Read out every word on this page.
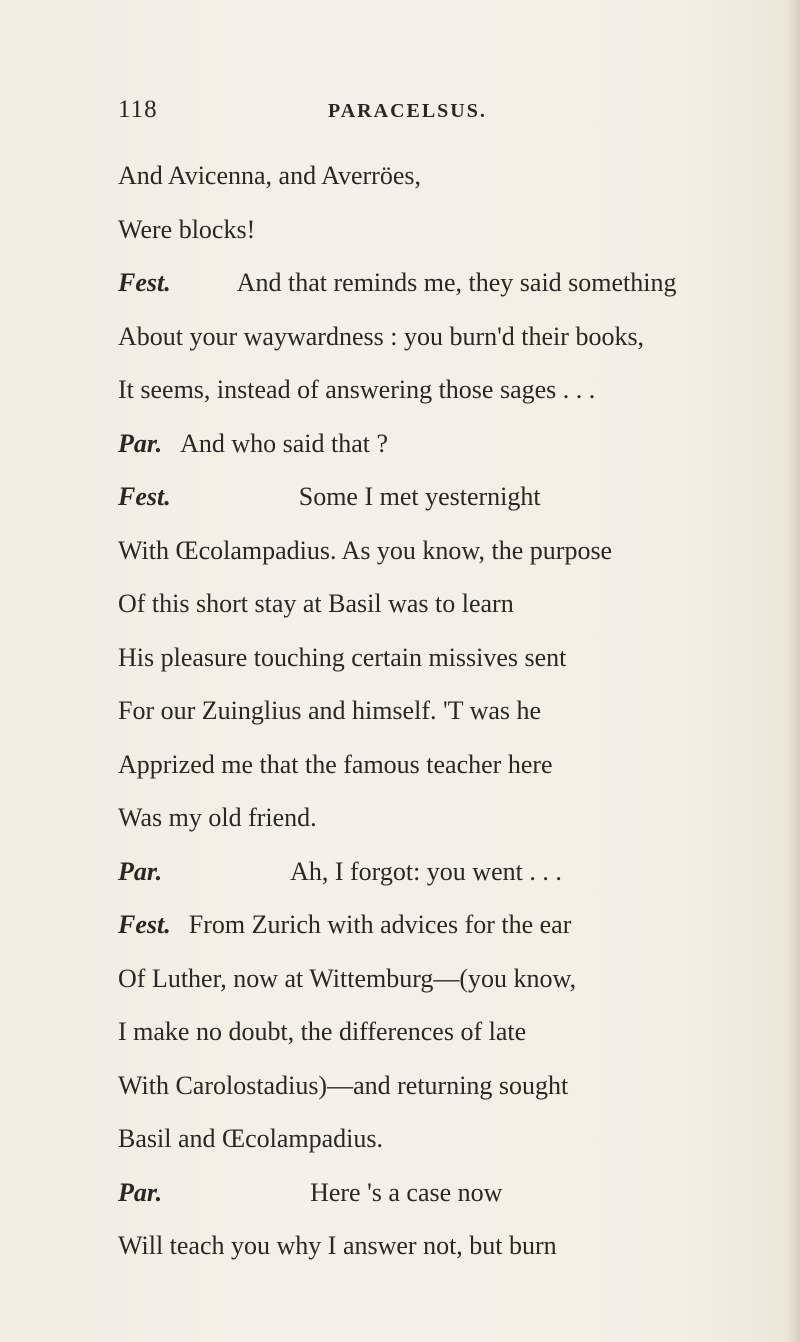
118	PARACELSUS.
And Avicenna, and Averröes,
Were blocks!
Fest.	And that reminds me, they said something
About your waywardness : you burn'd their books,
It seems, instead of answering those sages . . .
Par. And who said that ?
Fest.	Some I met yesternight
With Œcolampadius. As you know, the purpose
Of this short stay at Basil was to learn
His pleasure touching certain missives sent
For our Zuinglius and himself. 'T was he
Apprized me that the famous teacher here
Was my old friend.
Par.	Ah, I forgot: you went . . .
Fest. From Zurich with advices for the ear
Of Luther, now at Wittemburg—(you know,
I make no doubt, the differences of late
With Carolostadius)—and returning sought
Basil and Œcolampadius.
Par.	Here 's a case now
Will teach you why I answer not, but burn
